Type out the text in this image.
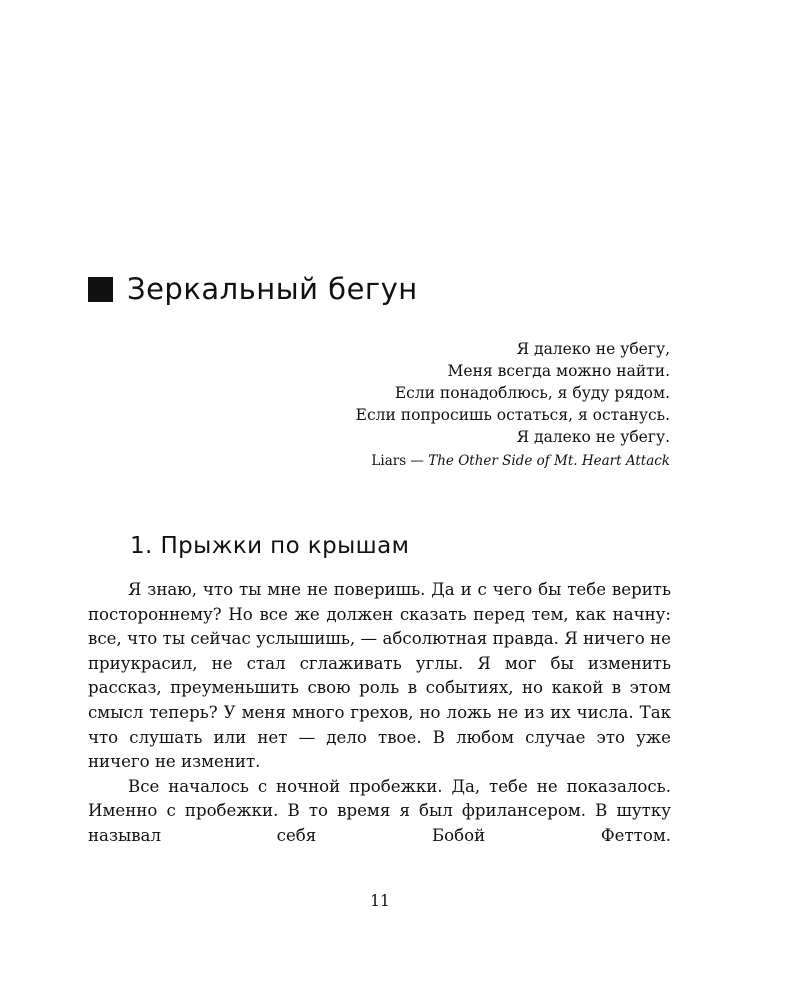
Зеркальный бегун
Я далеко не убегу,
Меня всегда можно найти.
Если понадоблюсь, я буду рядом.
Если попросишь остаться, я останусь.
Я далеко не убегу.
Liars — The Other Side of Mt. Heart Attack
1. Прыжки по крышам

Я знаю, что ты мне не поверишь. Да и с чего бы тебе верить постороннему? Но все же должен сказать перед тем, как начну: все, что ты сейчас услышишь, — абсолютная правда. Я ничего не приукрасил, не стал сглаживать углы. Я мог бы изменить рассказ, преуменьшить свою роль в событиях, но какой в этом смысл теперь? У меня много грехов, но ложь не из их числа. Так что слушать или нет — дело твое. В любом случае это уже ничего не изменит.

Все началось с ночной пробежки. Да, тебе не показалось. Именно с пробежки. В то время я был фрилансером. В шутку называл себя Бобой Феттом.

11
